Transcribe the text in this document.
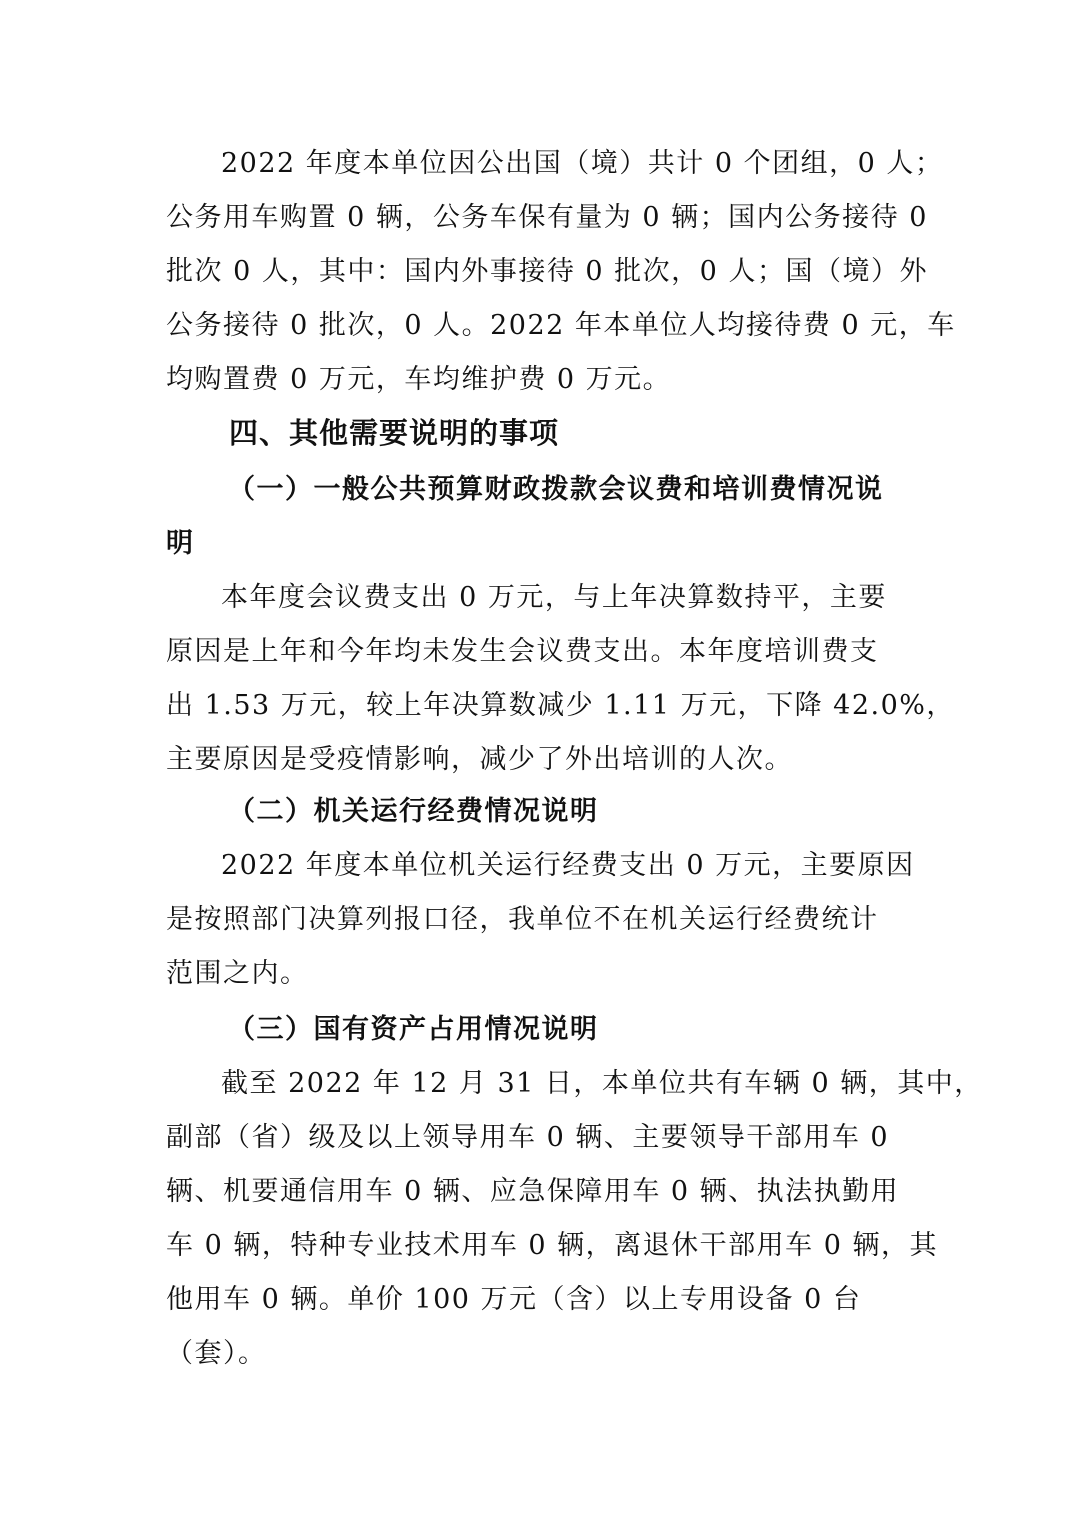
2022 年度本单位因公出国（境）共计 0 个团组，0 人；
公务用车购置 0 辆，公务车保有量为 0 辆；国内公务接待 0
批次 0 人，其中：国内外事接待 0 批次，0 人；国（境）外
公务接待 0 批次，0 人。2022 年本单位人均接待费 0 元，车
均购置费 0 万元，车均维护费 0 万元。
四、其他需要说明的事项
（一）一般公共预算财政拨款会议费和培训费情况说
明
本年度会议费支出 0 万元，与上年决算数持平，主要
原因是上年和今年均未发生会议费支出。本年度培训费支
出 1.53 万元，较上年决算数减少 1.11 万元，下降 42.0%，
主要原因是受疫情影响，减少了外出培训的人次。
（二）机关运行经费情况说明
2022 年度本单位机关运行经费支出 0 万元，主要原因
是按照部门决算列报口径，我单位不在机关运行经费统计
范围之内。
（三）国有资产占用情况说明
截至 2022 年 12 月 31 日，本单位共有车辆 0 辆，其中，
副部（省）级及以上领导用车 0 辆、主要领导干部用车 0
辆、机要通信用车 0 辆、应急保障用车 0 辆、执法执勤用
车 0 辆，特种专业技术用车 0 辆，离退休干部用车 0 辆，其
他用车 0 辆。单价 100 万元（含）以上专用设备 0 台
（套）。
